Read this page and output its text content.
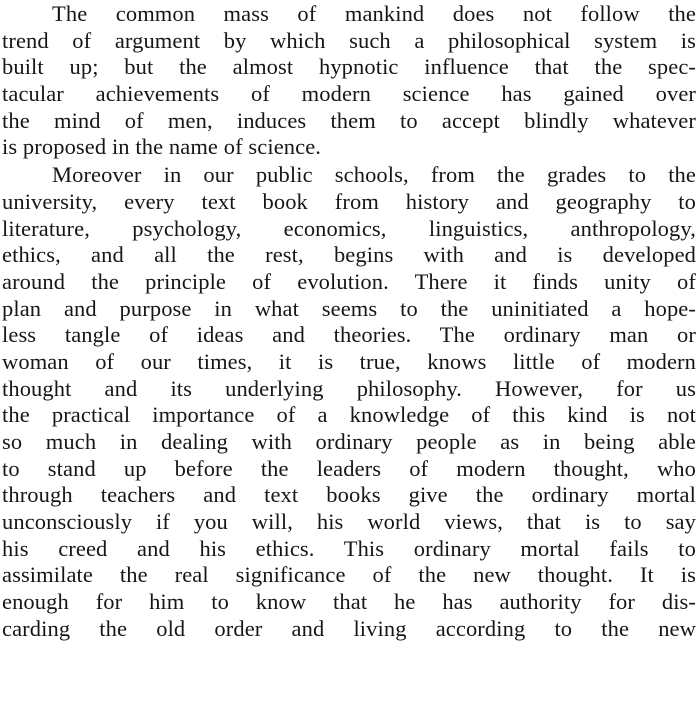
The common mass of mankind does not follow the
trend of argument by which such a philosophical system is
built up; but the almost hypnotic influence that the spec-
tacular achievements of modern science has gained over
the mind of men, induces them to accept blindly whatever
is proposed in the name of science.
Moreover in our public schools, from the grades to the
university, every text book from history and geography to
literature, psychology, economics, linguistics, anthropology,
ethics, and all the rest, begins with and is developed
around the principle of evolution. There it finds unity of
plan and purpose in what seems to the uninitiated a hope-
less tangle of ideas and theories. The ordinary man or
woman of our times, it is true, knows little of modern
thought and its underlying philosophy. However, for us
the practical importance of a knowledge of this kind is not
so much in dealing with ordinary people as in being able
to stand up before the leaders of modern thought, who
through teachers and text books give the ordinary mortal
unconsciously if you will, his world views, that is to say
his creed and his ethics. This ordinary mortal fails to
assimilate the real significance of the new thought. It is
enough for him to know that he has authority for dis-
carding the old order and living according to the new
